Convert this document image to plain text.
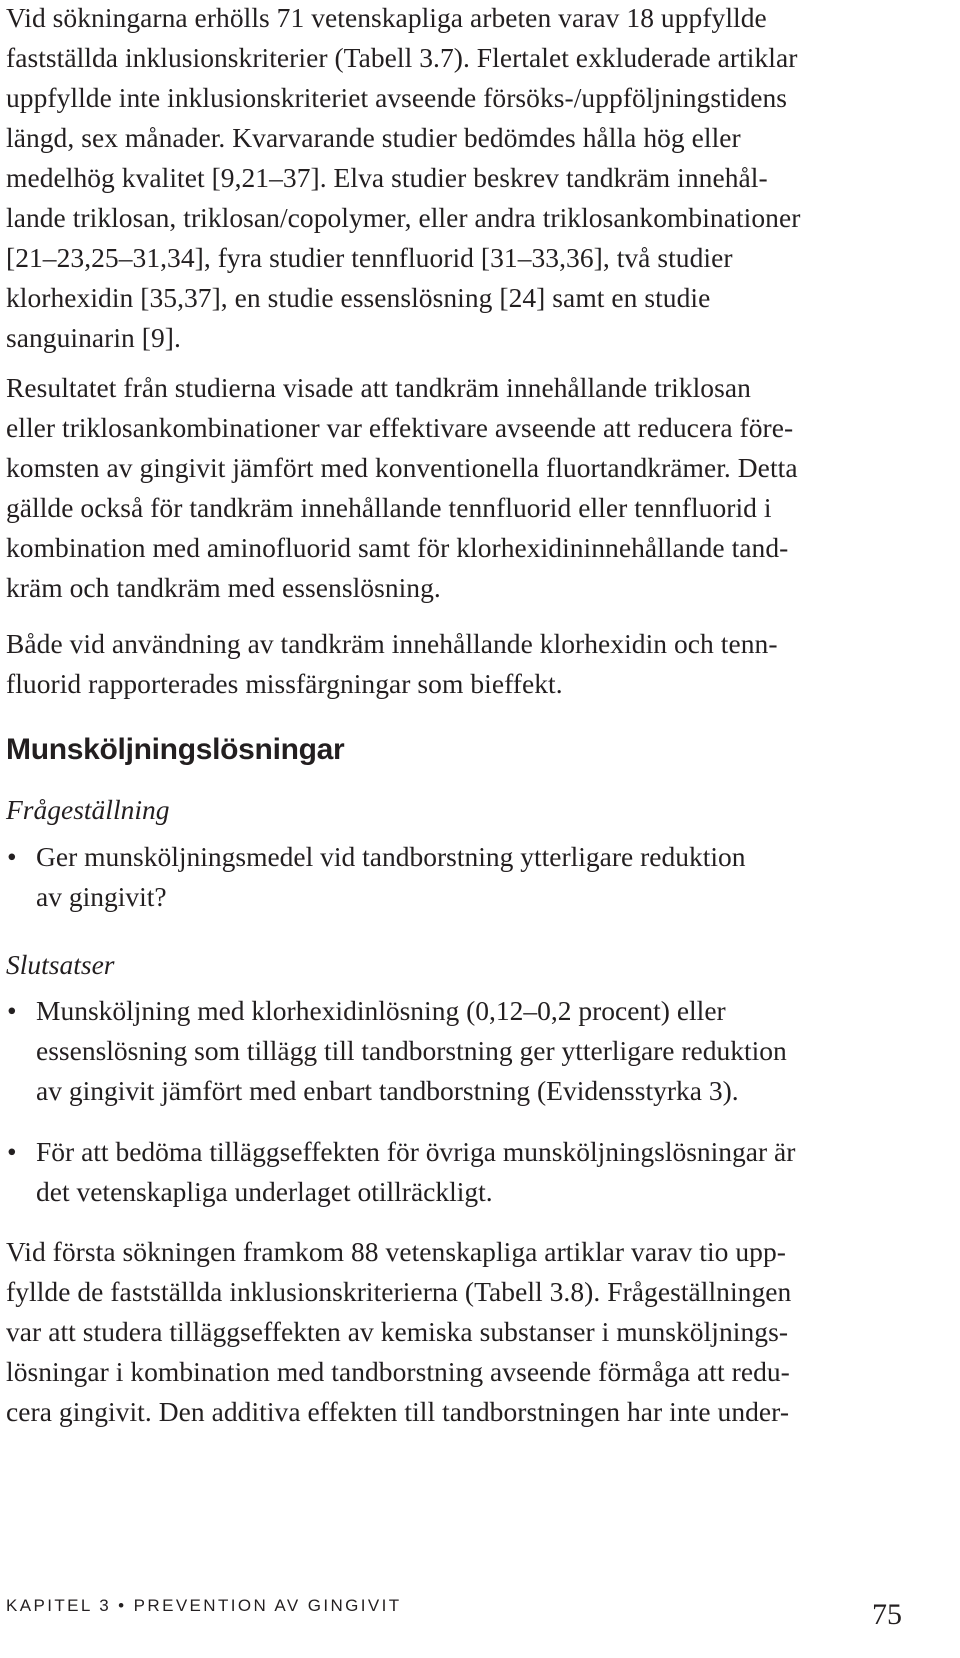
Vid sökningarna erhölls 71 vetenskapliga arbeten varav 18 uppfyllde
fastställda inklusionskriterier (Tabell 3.7). Flertalet exkluderade artiklar
uppfyllde inte inklusionskriteriet avseende försöks-/uppföljningstidens
längd, sex månader. Kvarvarande studier bedömdes hålla hög eller
medelhög kvalitet [9,21–37]. Elva studier beskrev tandkräm innehål-
lande triklosan, triklosan/copolymer, eller andra triklosankombinationer
[21–23,25–31,34], fyra studier tennfluorid [31–33,36], två studier
klorhexidin [35,37], en studie essenslösning [24] samt en studie
sanguinarin [9].

Resultatet från studierna visade att tandkräm innehållande triklosan
eller triklosankombinationer var effektivare avseende att reducera före-
komsten av gingivit jämfört med konventionella fluortandkrämer. Detta
gällde också för tandkräm innehållande tennfluorid eller tennfluorid i
kombination med aminofluorid samt för klorhexidininnehållande tand-
kräm och tandkräm med essenslösning.

Både vid användning av tandkräm innehållande klorhexidin och tenn-
fluorid rapporterades missfärgningar som bieffekt.

Munsköljningslösningar

Frågeställning

• Ger munsköljningsmedel vid tandborstning ytterligare reduktion
av gingivit?

Slutsatser

• Munsköljning med klorhexidinlösning (0,12–0,2 procent) eller
essenslösning som tillägg till tandborstning ger ytterligare reduktion
av gingivit jämfört med enbart tandborstning (Evidensstyrka 3).
• För att bedöma tilläggseffekten för övriga munsköljningslösningar är
det vetenskapliga underlaget otillräckligt.

Vid första sökningen framkom 88 vetenskapliga artiklar varav tio upp-
fyllde de fastställda inklusionskriterierna (Tabell 3.8). Frågeställningen
var att studera tilläggseffekten av kemiska substanser i munsköljnings-
lösningar i kombination med tandborstning avseende förmåga att redu-
cera gingivit. Den additiva effekten till tandborstningen har inte under-

KAPITEL 3 • PREVENTION AV GINGIVIT	75
